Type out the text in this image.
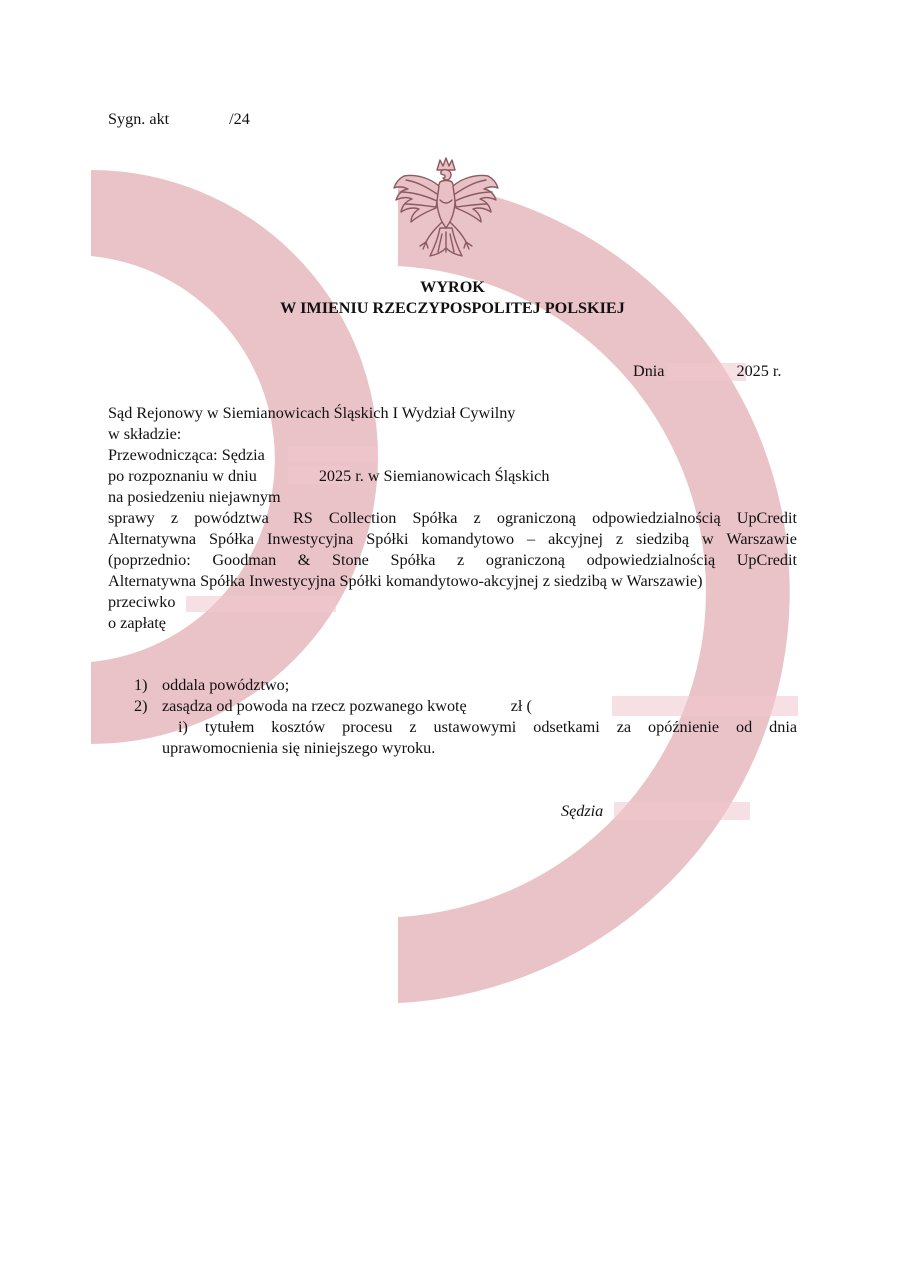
Sygn. akt	/24
WYROK
W IMIENIU RZECZYPOSPOLITEJ POLSKIEJ
Dnia	2025 r.
Sąd Rejonowy w Siemianowicach Śląskich I Wydział Cywilny
w składzie:
Przewodnicząca: Sędzia
po rozpoznaniu w dniu	2025 r. w Siemianowicach Śląskich
na posiedzeniu niejawnym
sprawy z powództwa RS Collection Spółka z ograniczoną odpowiedzialnością UpCredit
Alternatywna Spółka Inwestycyjna Spółki komandytowo – akcyjnej z siedzibą w Warszawie
(poprzednio: Goodman & Stone Spółka z ograniczoną odpowiedzialnością UpCredit
Alternatywna Spółka Inwestycyjna Spółki komandytowo-akcyjnej z siedzibą w Warszawie)
przeciwko
o zapłatę
1) oddala powództwo;
2) zasądza od powoda na rzecz pozwanego kwotę	zł (
i) tytułem kosztów procesu z ustawowymi odsetkami za opóźnienie od dnia
uprawomocnienia się niniejszego wyroku.
Sędzia
